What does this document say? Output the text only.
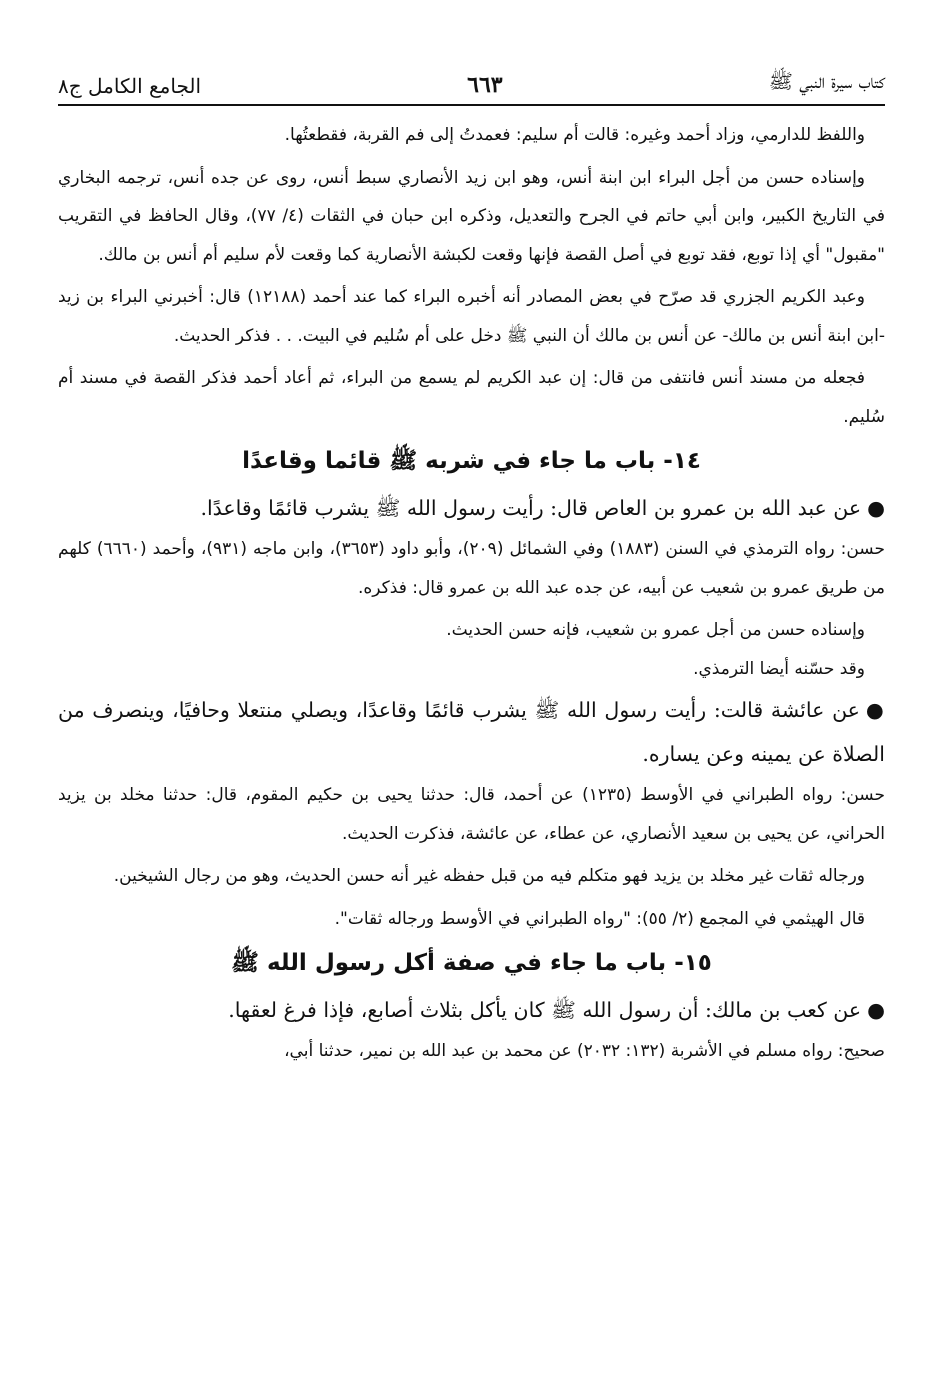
كتاب سيرة النبي ﷺ
٦٦٣
الجامع الكامل ج٨

واللفظ للدارمي، وزاد أحمد وغيره: قالت أم سليم: فعمدتُ إلى فم القربة، فقطعتُها.

وإسناده حسن من أجل البراء ابن ابنة أنس، وهو ابن زيد الأنصاري سبط أنس، روى عن جده أنس، ترجمه البخاري في التاريخ الكبير، وابن أبي حاتم في الجرح والتعديل، وذكره ابن حبان في الثقات (٤/ ٧٧)، وقال الحافظ في التقريب "مقبول" أي إذا توبع، فقد توبع في أصل القصة فإنها وقعت لكبشة الأنصارية كما وقعت لأم سليم أم أنس بن مالك.

وعبد الكريم الجزري قد صرّح في بعض المصادر أنه أخبره البراء كما عند أحمد (١٢١٨٨) قال: أخبرني البراء بن زيد -ابن ابنة أنس بن مالك- عن أنس بن مالك أن النبي ﷺ دخل على أم سُليم في البيت. . . فذكر الحديث.

فجعله من مسند أنس فانتفى من قال: إن عبد الكريم لم يسمع من البراء، ثم أعاد أحمد فذكر القصة في مسند أم سُليم.

١٤- باب ما جاء في شربه ﷺ قائما وقاعدًا

●عن عبد الله بن عمرو بن العاص قال: رأيت رسول الله ﷺ يشرب قائمًا وقاعدًا.

حسن: رواه الترمذي في السنن (١٨٨٣) وفي الشمائل (٢٠٩)، وأبو داود (٣٦٥٣)، وابن ماجه (٩٣١)، وأحمد (٦٦٦٠) كلهم من طريق عمرو بن شعيب عن أبيه، عن جده عبد الله بن عمرو قال: فذكره.

وإسناده حسن من أجل عمرو بن شعيب، فإنه حسن الحديث.

وقد حسّنه أيضا الترمذي.

●عن عائشة قالت: رأيت رسول الله ﷺ يشرب قائمًا وقاعدًا، ويصلي منتعلا وحافيًا، وينصرف من الصلاة عن يمينه وعن يساره.

حسن: رواه الطبراني في الأوسط (١٢٣٥) عن أحمد، قال: حدثنا يحيى بن حكيم المقوم، قال: حدثنا مخلد بن يزيد الحراني، عن يحيى بن سعيد الأنصاري، عن عطاء، عن عائشة، فذكرت الحديث.

ورجاله ثقات غير مخلد بن يزيد فهو متكلم فيه من قبل حفظه غير أنه حسن الحديث، وهو من رجال الشيخين.

قال الهيثمي في المجمع (٢/ ٥٥): "رواه الطبراني في الأوسط ورجاله ثقات".

١٥- باب ما جاء في صفة أكل رسول الله ﷺ

●عن كعب بن مالك: أن رسول الله ﷺ كان يأكل بثلاث أصابع، فإذا فرغ لعقها.

صحيح: رواه مسلم في الأشربة (١٣٢: ٢٠٣٢) عن محمد بن عبد الله بن نمير، حدثنا أبي،
